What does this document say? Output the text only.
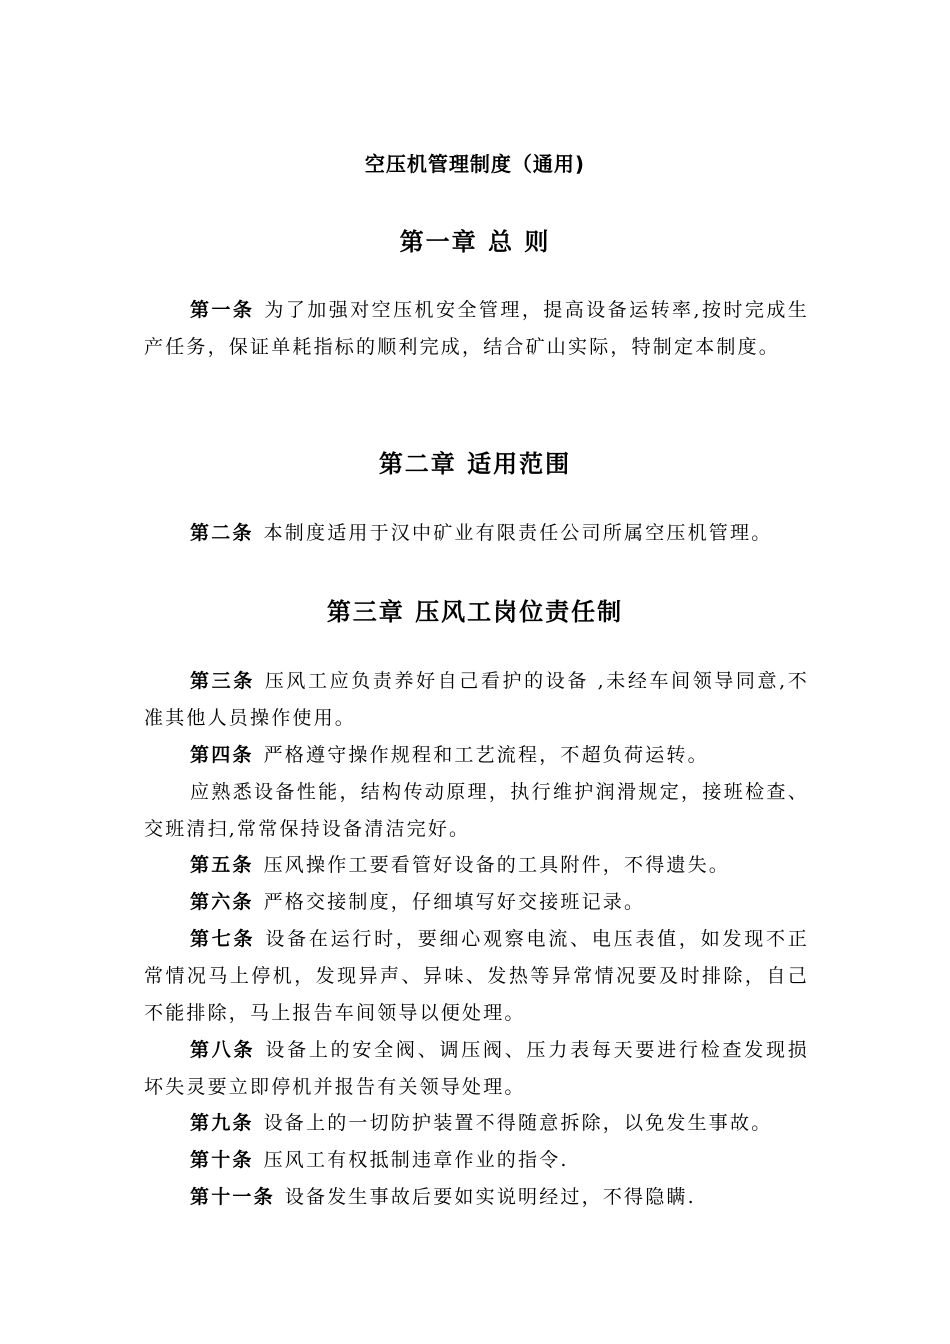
空压机管理制度（通用)
第一章 总 则
第一条 为了加强对空压机安全管理，提高设备运转率,按时完成生产任务，保证单耗指标的顺利完成，结合矿山实际，特制定本制度。
第二章 适用范围
第二条 本制度适用于汉中矿业有限责任公司所属空压机管理。
第三章 压风工岗位责任制
第三条 压风工应负责养好自己看护的设备 ,未经车间领导同意,不准其他人员操作使用。
第四条 严格遵守操作规程和工艺流程，不超负荷运转。
应熟悉设备性能，结构传动原理，执行维护润滑规定，接班检查、交班清扫,常常保持设备清洁完好。
第五条 压风操作工要看管好设备的工具附件，不得遗失。
第六条 严格交接制度，仔细填写好交接班记录。
第七条 设备在运行时，要细心观察电流、电压表值，如发现不正常情况马上停机，发现异声、异味、发热等异常情况要及时排除，自己不能排除，马上报告车间领导以便处理。
第八条 设备上的安全阀、调压阀、压力表每天要进行检查发现损坏失灵要立即停机并报告有关领导处理。
第九条 设备上的一切防护装置不得随意拆除，以免发生事故。
第十条 压风工有权抵制违章作业的指令.
第十一条 设备发生事故后要如实说明经过，不得隐瞒.
